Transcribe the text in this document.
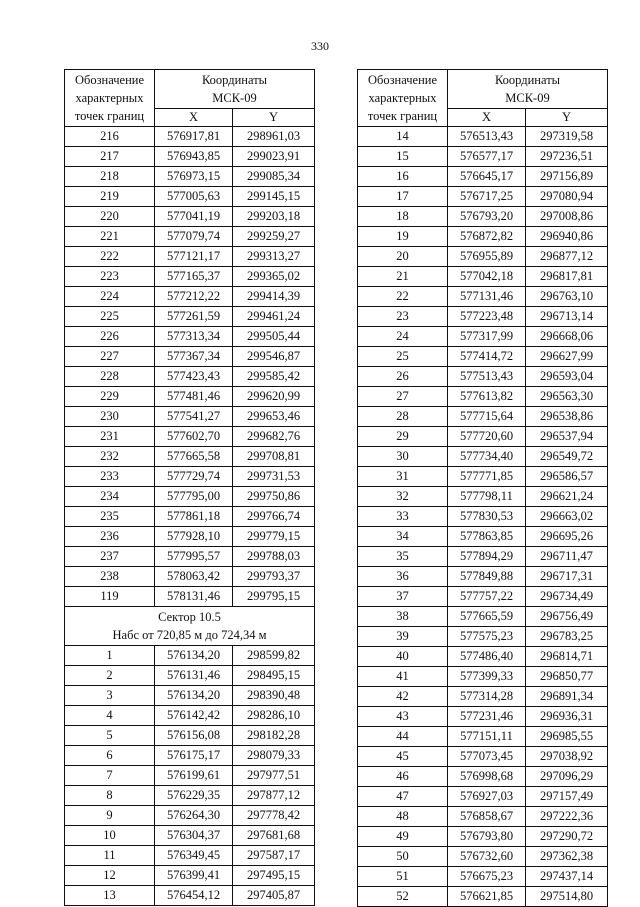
330
Обозначение характерных точек границ	Координаты
МСК-09	
	X	Y
216	576917,81	298961,03
217	576943,85	299023,91
218	576973,15	299085,34
219	577005,63	299145,15
220	577041,19	299203,18
221	577079,74	299259,27
222	577121,17	299313,27
223	577165,37	299365,02
224	577212,22	299414,39
225	577261,59	299461,24
226	577313,34	299505,44
227	577367,34	299546,87
228	577423,43	299585,42
229	577481,46	299620,99
230	577541,27	299653,46
231	577602,70	299682,76
232	577665,58	299708,81
233	577729,74	299731,53
234	577795,00	299750,86
235	577861,18	299766,74
236	577928,10	299779,15
237	577995,57	299788,03
238	578063,42	299793,37
119	578131,46	299795,15
Сектор 10.5
Набс от 720,85 м до 724,34 м		
1	576134,20	298599,82
2	576131,46	298495,15
3	576134,20	298390,48
4	576142,42	298286,10
5	576156,08	298182,28
6	576175,17	298079,33
7	576199,61	297977,51
8	576229,35	297877,12
9	576264,30	297778,42
10	576304,37	297681,68
11	576349,45	297587,17
12	576399,41	297495,15
13	576454,12	297405,87
Обозначение характерных точек границ	Координаты
МСК-09	
	X	Y
14	576513,43	297319,58
15	576577,17	297236,51
16	576645,17	297156,89
17	576717,25	297080,94
18	576793,20	297008,86
19	576872,82	296940,86
20	576955,89	296877,12
21	577042,18	296817,81
22	577131,46	296763,10
23	577223,48	296713,14
24	577317,99	296668,06
25	577414,72	296627,99
26	577513,43	296593,04
27	577613,82	296563,30
28	577715,64	296538,86
29	577720,60	296537,94
30	577734,40	296549,72
31	577771,85	296586,57
32	577798,11	296621,24
33	577830,53	296663,02
34	577863,85	296695,26
35	577894,29	296711,47
36	577849,88	296717,31
37	577757,22	296734,49
38	577665,59	296756,49
39	577575,23	296783,25
40	577486,40	296814,71
41	577399,33	296850,77
42	577314,28	296891,34
43	577231,46	296936,31
44	577151,11	296985,55
45	577073,45	297038,92
46	576998,68	297096,29
47	576927,03	297157,49
48	576858,67	297222,36
49	576793,80	297290,72
50	576732,60	297362,38
51	576675,23	297437,14
52	576621,85	297514,80
